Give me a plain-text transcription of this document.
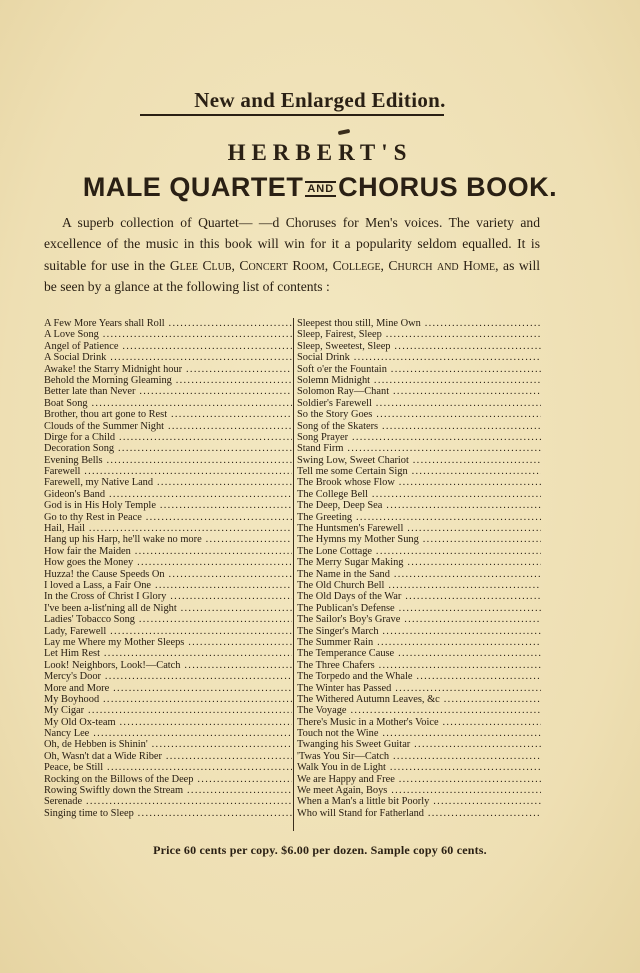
New and Enlarged Edition.
HERBERT'S
MALE QUARTET AND CHORUS BOOK.
A superb collection of Quartet— —d Choruses for Men's voices. The variety and excellence of the music in this book will win for it a popularity seldom equalled. It is suitable for use in the Glee Club, Concert Room, College, Church and Home, as will be seen by a glance at the following list of contents :
A Few More Years shall Roll .....
A Love Song .....
Angel of Patience .....
A Social Drink .....
Awake! the Starry Midnight hour .....
Behold the Morning Gleaming .....
Better late than Never .....
Boat Song .....
Brother, thou art gone to Rest .....
Clouds of the Summer Night .....
Dirge for a Child .....
Decoration Song .....
Evening Bells .....
Farewell .....
Farewell, my Native Land .....
Gideon's Band .....
God is in His Holy Temple .....
Go to thy Rest in Peace .....
Hail, Hail .....
Hang up his Harp, he'll wake no more .....
How fair the Maiden .....
How goes the Money .....
Huzza! the Cause Speeds On .....
I loved a Lass, a Fair One .....
In the Cross of Christ I Glory .....
I've been a-list'ning all de Night .....
Ladies' Tobacco Song .....
Lady, Farewell .....
Lay me Where my Mother Sleeps .....
Let Him Rest .....
Look! Neighbors, Look!—Catch .....
Mercy's Door .....
More and More .....
My Boyhood .....
My Cigar .....
My Old Ox-team .....
Nancy Lee .....
Oh, de Hebben is Shinin' .....
Oh, Wasn't dat a Wide Riber .....
Peace, be Still .....
Rocking on the Billows of the Deep .....
Rowing Swiftly down the Stream .....
Serenade .....
Singing time to Sleep .....
Sleepest thou still, Mine Own .....
Sleep, Fairest, Sleep .....
Sleep, Sweetest, Sleep .....
Social Drink .....
Soft o'er the Fountain .....
Solemn Midnight .....
Solomon Ray—Chant .....
Soldier's Farewell .....
So the Story Goes .....
Song of the Skaters .....
Song Prayer .....
Stand Firm .....
Swing Low, Sweet Chariot .....
Tell me some Certain Sign .....
The Brook whose Flow .....
The College Bell .....
The Deep, Deep Sea .....
The Greeting .....
The Huntsmen's Farewell .....
The Hymns my Mother Sung .....
The Lone Cottage .....
The Merry Sugar Making .....
The Name in the Sand .....
The Old Church Bell .....
The Old Days of the War .....
The Publican's Defense .....
The Sailor's Boy's Grave .....
The Singer's March .....
The Summer Rain .....
The Temperance Cause .....
The Three Chafers .....
The Torpedo and the Whale .....
The Winter has Passed .....
The Withered Autumn Leaves, &c .....
The Voyage .....
There's Music in a Mother's Voice .....
Touch not the Wine .....
Twanging his Sweet Guitar .....
'Twas You Sir—Catch .....
Walk You in de Light .....
We are Happy and Free .....
We meet Again, Boys .....
When a Man's a little bit Poorly .....
Who will Stand for Fatherland .....
Price 60 cents per copy. $6.00 per dozen. Sample copy 60 cents.
